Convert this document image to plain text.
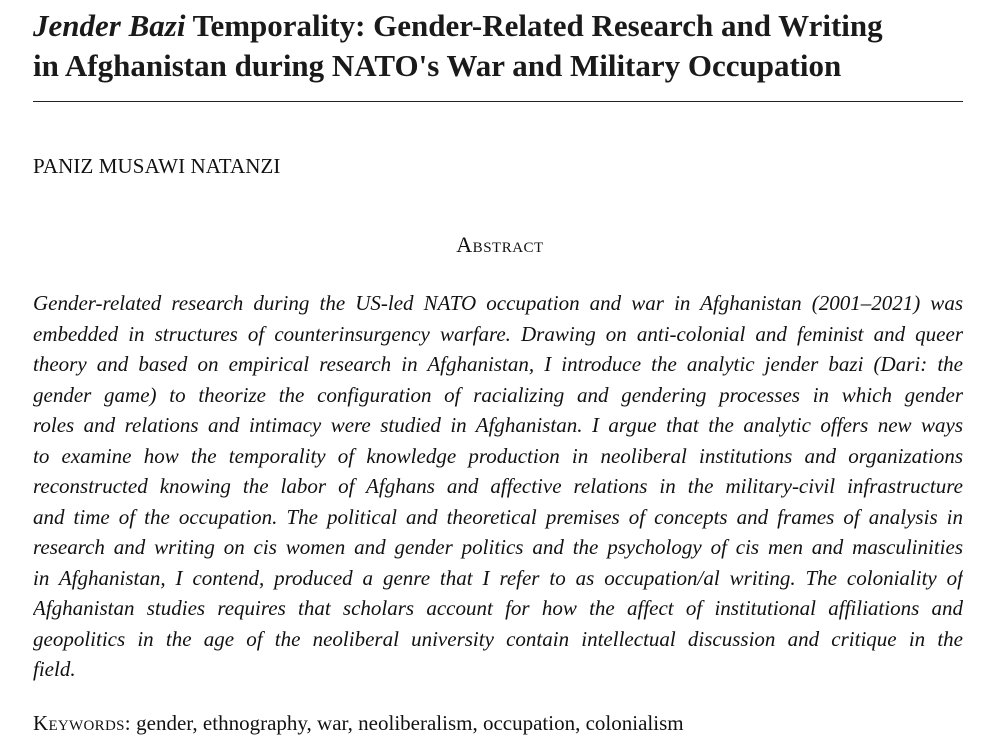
Jender Bazi Temporality: Gender-Related Research and Writing
in Afghanistan during NATO's War and Military Occupation
PANIZ MUSAWI NATANZI
Abstract
Gender-related research during the US-led NATO occupation and war in Afghanistan (2001–2021) was
embedded in structures of counterinsurgency warfare. Drawing on anti-colonial and feminist and queer
theory and based on empirical research in Afghanistan, I introduce the analytic jender bazi (Dari: the
gender game) to theorize the configuration of racializing and gendering processes in which gender
roles and relations and intimacy were studied in Afghanistan. I argue that the analytic offers new ways
to examine how the temporality of knowledge production in neoliberal institutions and organizations
reconstructed knowing the labor of Afghans and affective relations in the military-civil infrastructure
and time of the occupation. The political and theoretical premises of concepts and frames of analysis in
research and writing on cis women and gender politics and the psychology of cis men and masculinities
in Afghanistan, I contend, produced a genre that I refer to as occupation/al writing. The coloniality of
Afghanistan studies requires that scholars account for how the affect of institutional affiliations and
geopolitics in the age of the neoliberal university contain intellectual discussion and critique in the
field.
Keywords: gender, ethnography, war, neoliberalism, occupation, colonialism
